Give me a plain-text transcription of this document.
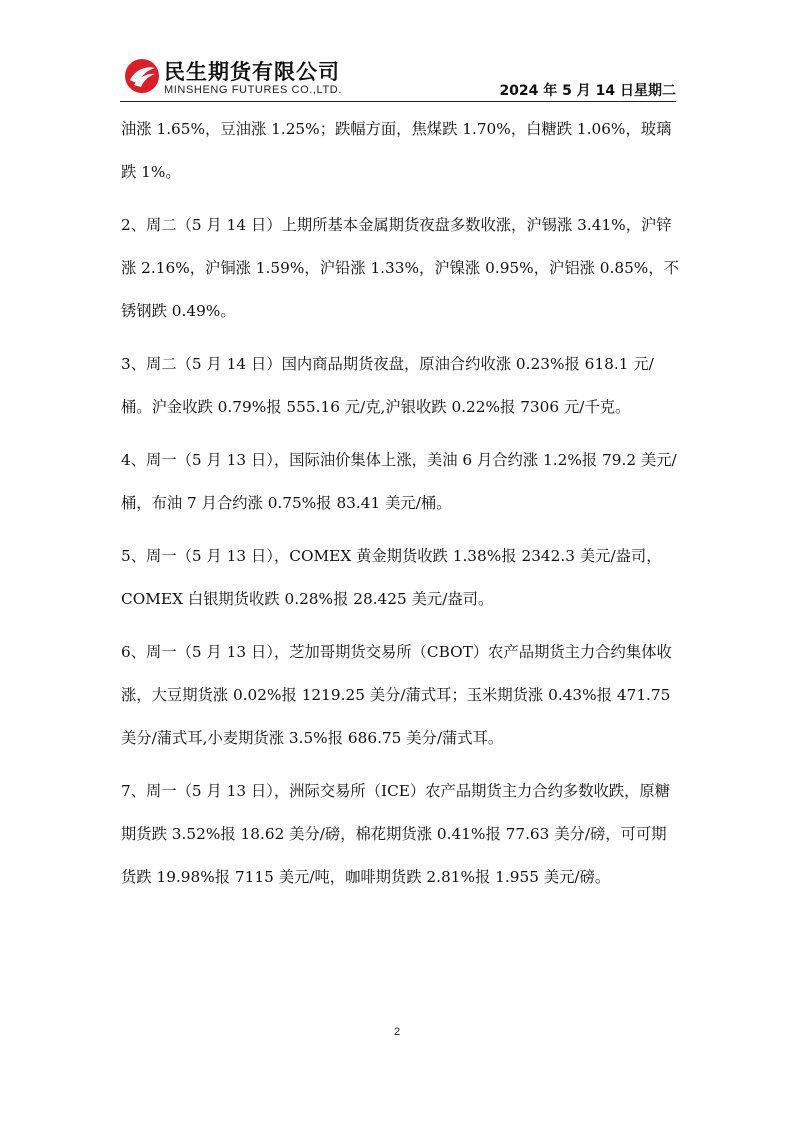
民生期货有限公司
MINSHENG FUTURES CO.,LTD.	2024 年 5 月 14 日星期二

油涨 1.65%，豆油涨 1.25%；跌幅方面，焦煤跌 1.70%，白糖跌 1.06%，玻璃跌 1%。

2、周二（5 月 14 日）上期所基本金属期货夜盘多数收涨，沪锡涨 3.41%，沪锌涨 2.16%，沪铜涨 1.59%，沪铅涨 1.33%，沪镍涨 0.95%，沪铝涨 0.85%，不锈钢跌 0.49%。

3、周二（5 月 14 日）国内商品期货夜盘，原油合约收涨 0.23%报 618.1 元/桶。沪金收跌 0.79%报 555.16 元/克,沪银收跌 0.22%报 7306 元/千克。

4、周一（5 月 13 日），国际油价集体上涨，美油 6 月合约涨 1.2%报 79.2 美元/桶，布油 7 月合约涨 0.75%报 83.41 美元/桶。

5、周一（5 月 13 日），COMEX 黄金期货收跌 1.38%报 2342.3 美元/盎司，COMEX 白银期货收跌 0.28%报 28.425 美元/盎司。

6、周一（5 月 13 日），芝加哥期货交易所（CBOT）农产品期货主力合约集体收涨，大豆期货涨 0.02%报 1219.25 美分/蒲式耳；玉米期货涨 0.43%报 471.75 美分/蒲式耳,小麦期货涨 3.5%报 686.75 美分/蒲式耳。

7、周一（5 月 13 日），洲际交易所（ICE）农产品期货主力合约多数收跌，原糖期货跌 3.52%报 18.62 美分/磅，棉花期货涨 0.41%报 77.63 美分/磅，可可期货跌 19.98%报 7115 美元/吨，咖啡期货跌 2.81%报 1.955 美元/磅。

2
